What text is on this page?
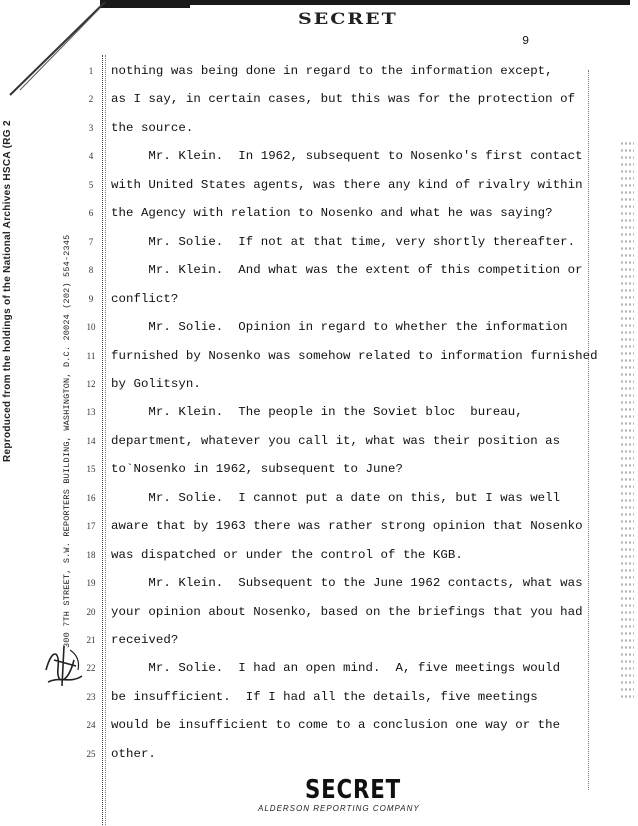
SECRET
9
Reproduced from the holdings of the National Archives HSCA (RG 2	300 7TH STREET, S.W. REPORTERS BUILDING, WASHINGTON, D.C. 20024 (202) 554-2345
1	nothing was being done in regard to the information except,
2	as I say, in certain cases, but this was for the protection of
3	the source.
4	Mr. Klein.  In 1962, subsequent to Nosenko's first contact
5	with United States agents, was there any kind of rivalry within
6	the Agency with relation to Nosenko and what he was saying?
7	Mr. Solie.  If not at that time, very shortly thereafter.
8	Mr. Klein.  And what was the extent of this competition or
9	conflict?
10 Mr. Solie.  Opinion in regard to whether the information
11 furnished by Nosenko was somehow related to information furnished
12 by Golitsyn.
13 Mr. Klein.  The people in the Soviet bloc  bureau,
14 department, whatever you call it, what was their position as
15 to`Nosenko in 1962, subsequent to June?
16 Mr. Solie.  I cannot put a date on this, but I was well
17 aware that by 1963 there was rather strong opinion that Nosenko
18 was dispatched or under the control of the KGB.
19 Mr. Klein.  Subsequent to the June 1962 contacts, what was
20 your opinion about Nosenko, based on the briefings that you had
21 received?
22 Mr. Solie.  I had an open mind.  A, five meetings would
23 be insufficient.  If I had all the details, five meetings
24 would be insufficient to come to a conclusion one way or the
25 other.
SECRET
ALDERSON REPORTING COMPANY
